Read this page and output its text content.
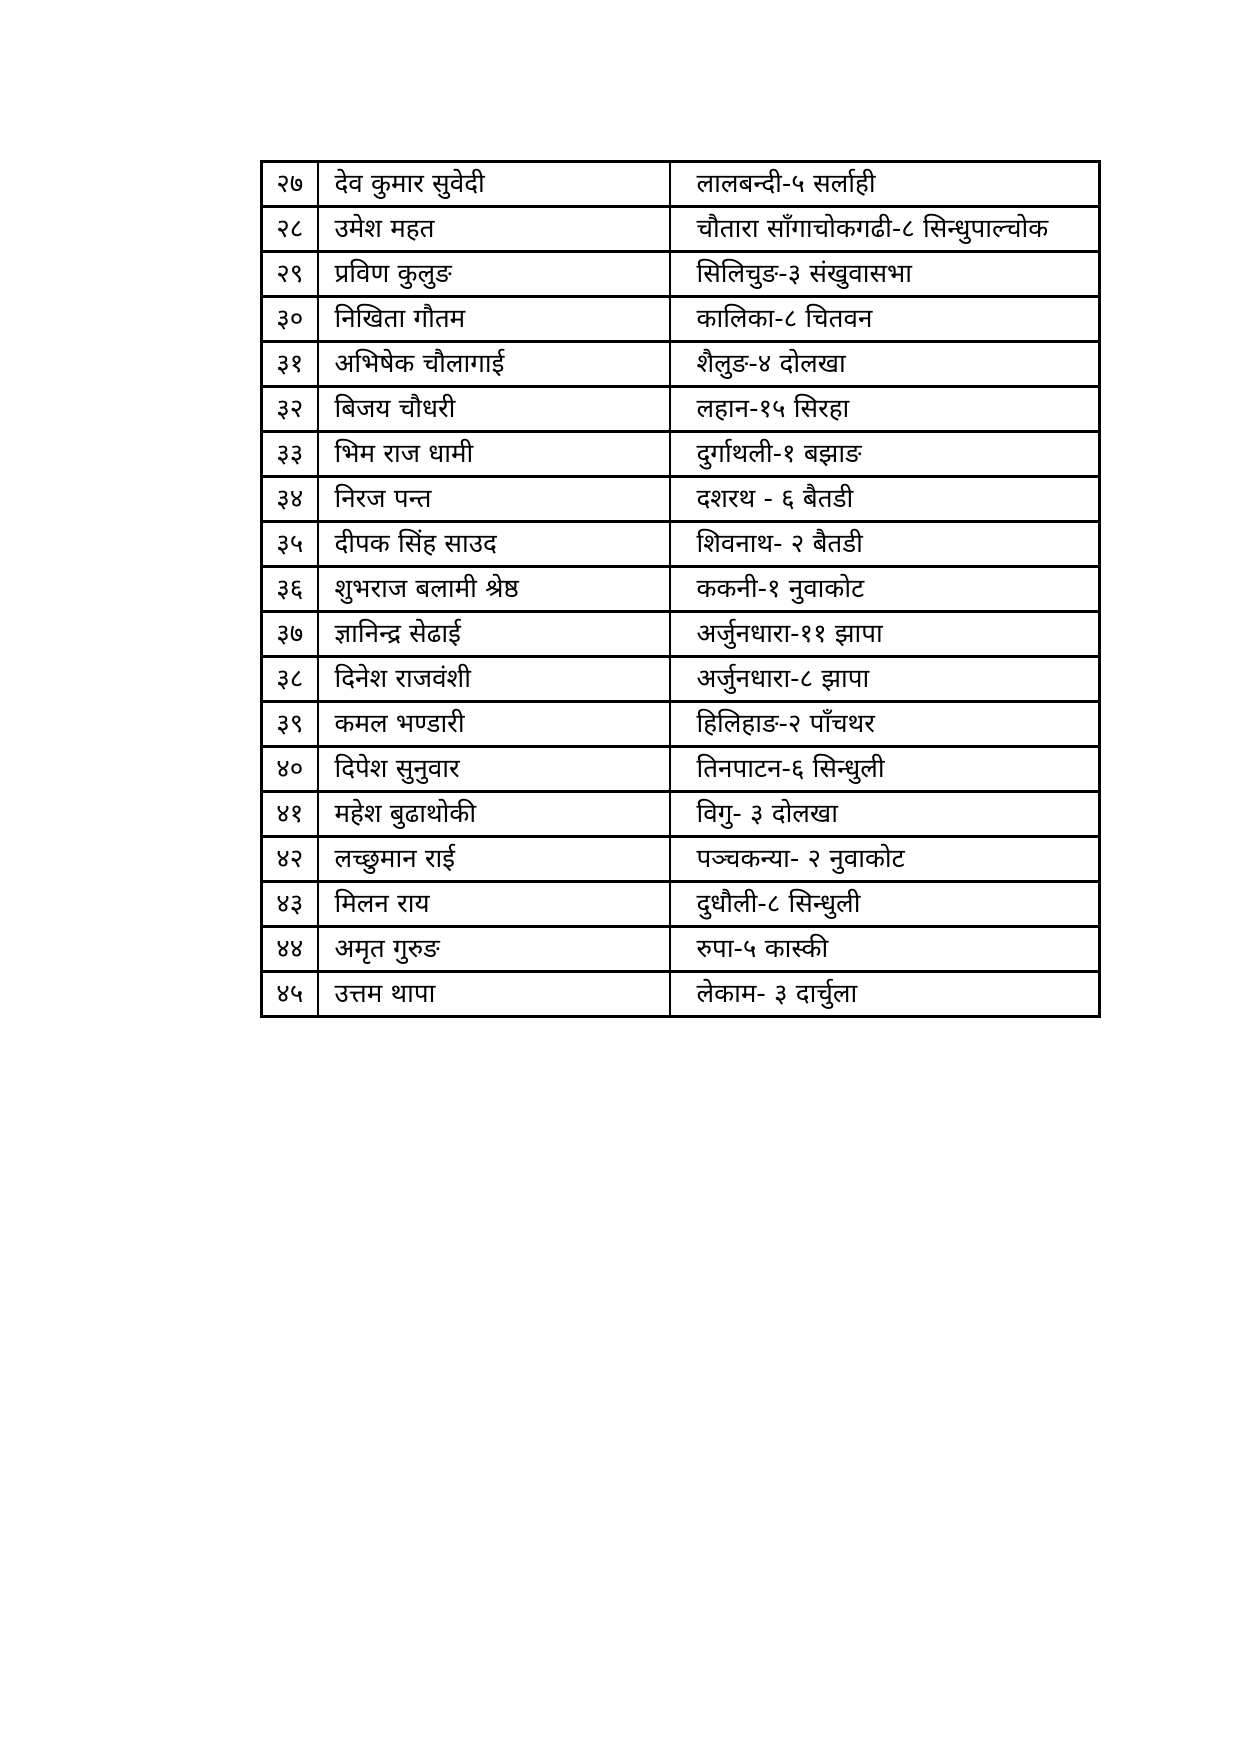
२७	देव कुमार सुवेदी	लालबन्दी-५ सर्लाही
२८	उमेश महत	चौतारा साँगाचोकगढी-८ सिन्धुपाल्चोक
२९	प्रविण कुलुङ	सिलिचुङ-३ संखुवासभा
३०	निखिता गौतम	कालिका-८ चितवन
३१	अभिषेक चौलागाई	शैलुङ-४ दोलखा
३२	बिजय चौधरी	लहान-१५ सिरहा
३३	भिम राज धामी	दुर्गाथली-१ बझाङ
३४	निरज पन्त	दशरथ - ६ बैतडी
३५	दीपक सिंह साउद	शिवनाथ- २ बैतडी
३६	शुभराज बलामी श्रेष्ठ	ककनी-१ नुवाकोट
३७	ज्ञानिन्द्र सेढाई	अर्जुनधारा-११ झापा
३८	दिनेश राजवंशी	अर्जुनधारा-८ झापा
३९	कमल भण्डारी	हिलिहाङ-२ पाँचथर
४०	दिपेश सुनुवार	तिनपाटन-६ सिन्धुली
४१	महेश बुढाथोकी	विगु- ३ दोलखा
४२	लच्छुमान राई	पञ्चकन्या- २ नुवाकोट
४३	मिलन राय	दुधौली-८ सिन्धुली
४४	अमृत गुरुङ	रुपा-५ कास्की
४५	उत्तम थापा	लेकाम- ३ दार्चुला
